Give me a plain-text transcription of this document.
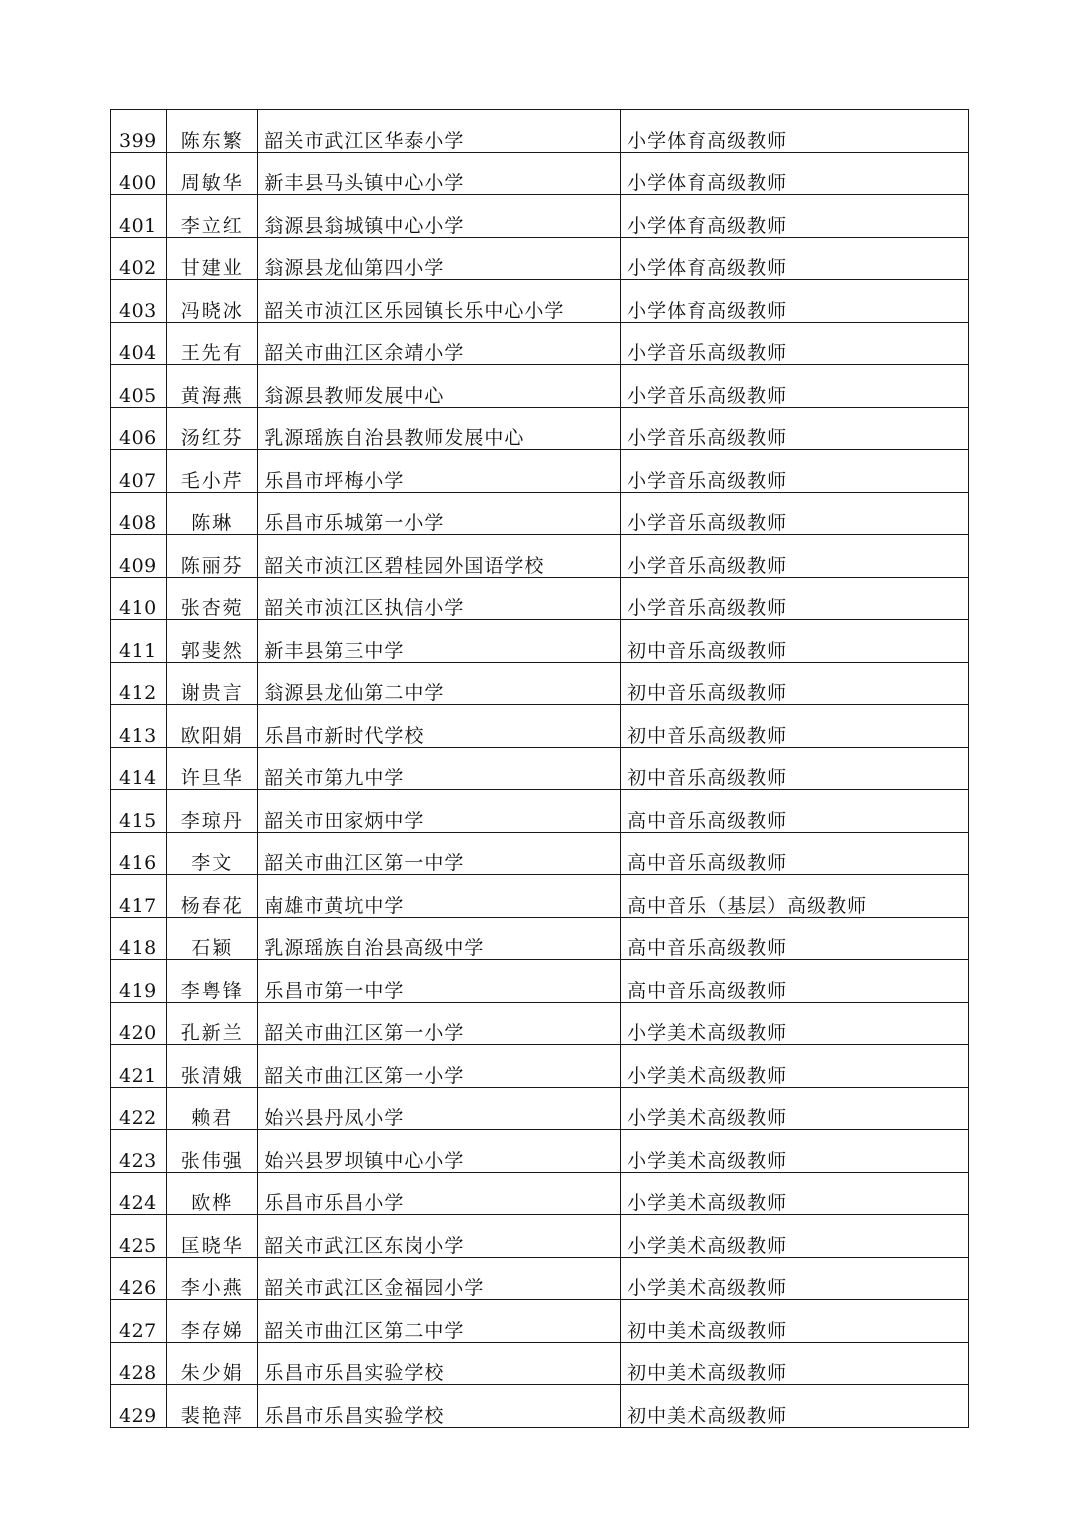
399	陈东繁	韶关市武江区华泰小学	小学体育高级教师
400	周敏华	新丰县马头镇中心小学	小学体育高级教师
401	李立红	翁源县翁城镇中心小学	小学体育高级教师
402	甘建业	翁源县龙仙第四小学	小学体育高级教师
403	冯晓冰	韶关市浈江区乐园镇长乐中心小学	小学体育高级教师
404	王先有	韶关市曲江区余靖小学	小学音乐高级教师
405	黄海燕	翁源县教师发展中心	小学音乐高级教师
406	汤红芬	乳源瑶族自治县教师发展中心	小学音乐高级教师
407	毛小芹	乐昌市坪梅小学	小学音乐高级教师
408	陈琳	乐昌市乐城第一小学	小学音乐高级教师
409	陈丽芬	韶关市浈江区碧桂园外国语学校	小学音乐高级教师
410	张杏菀	韶关市浈江区执信小学	小学音乐高级教师
411	郭斐然	新丰县第三中学	初中音乐高级教师
412	谢贵言	翁源县龙仙第二中学	初中音乐高级教师
413	欧阳娟	乐昌市新时代学校	初中音乐高级教师
414	许旦华	韶关市第九中学	初中音乐高级教师
415	李琼丹	韶关市田家炳中学	高中音乐高级教师
416	李文	韶关市曲江区第一中学	高中音乐高级教师
417	杨春花	南雄市黄坑中学	高中音乐（基层）高级教师
418	石颖	乳源瑶族自治县高级中学	高中音乐高级教师
419	李粤锋	乐昌市第一中学	高中音乐高级教师
420	孔新兰	韶关市曲江区第一小学	小学美术高级教师
421	张清娥	韶关市曲江区第一小学	小学美术高级教师
422	赖君	始兴县丹凤小学	小学美术高级教师
423	张伟强	始兴县罗坝镇中心小学	小学美术高级教师
424	欧桦	乐昌市乐昌小学	小学美术高级教师
425	匡晓华	韶关市武江区东岗小学	小学美术高级教师
426	李小燕	韶关市武江区金福园小学	小学美术高级教师
427	李存娣	韶关市曲江区第二中学	初中美术高级教师
428	朱少娟	乐昌市乐昌实验学校	初中美术高级教师
429	裴艳萍	乐昌市乐昌实验学校	初中美术高级教师
